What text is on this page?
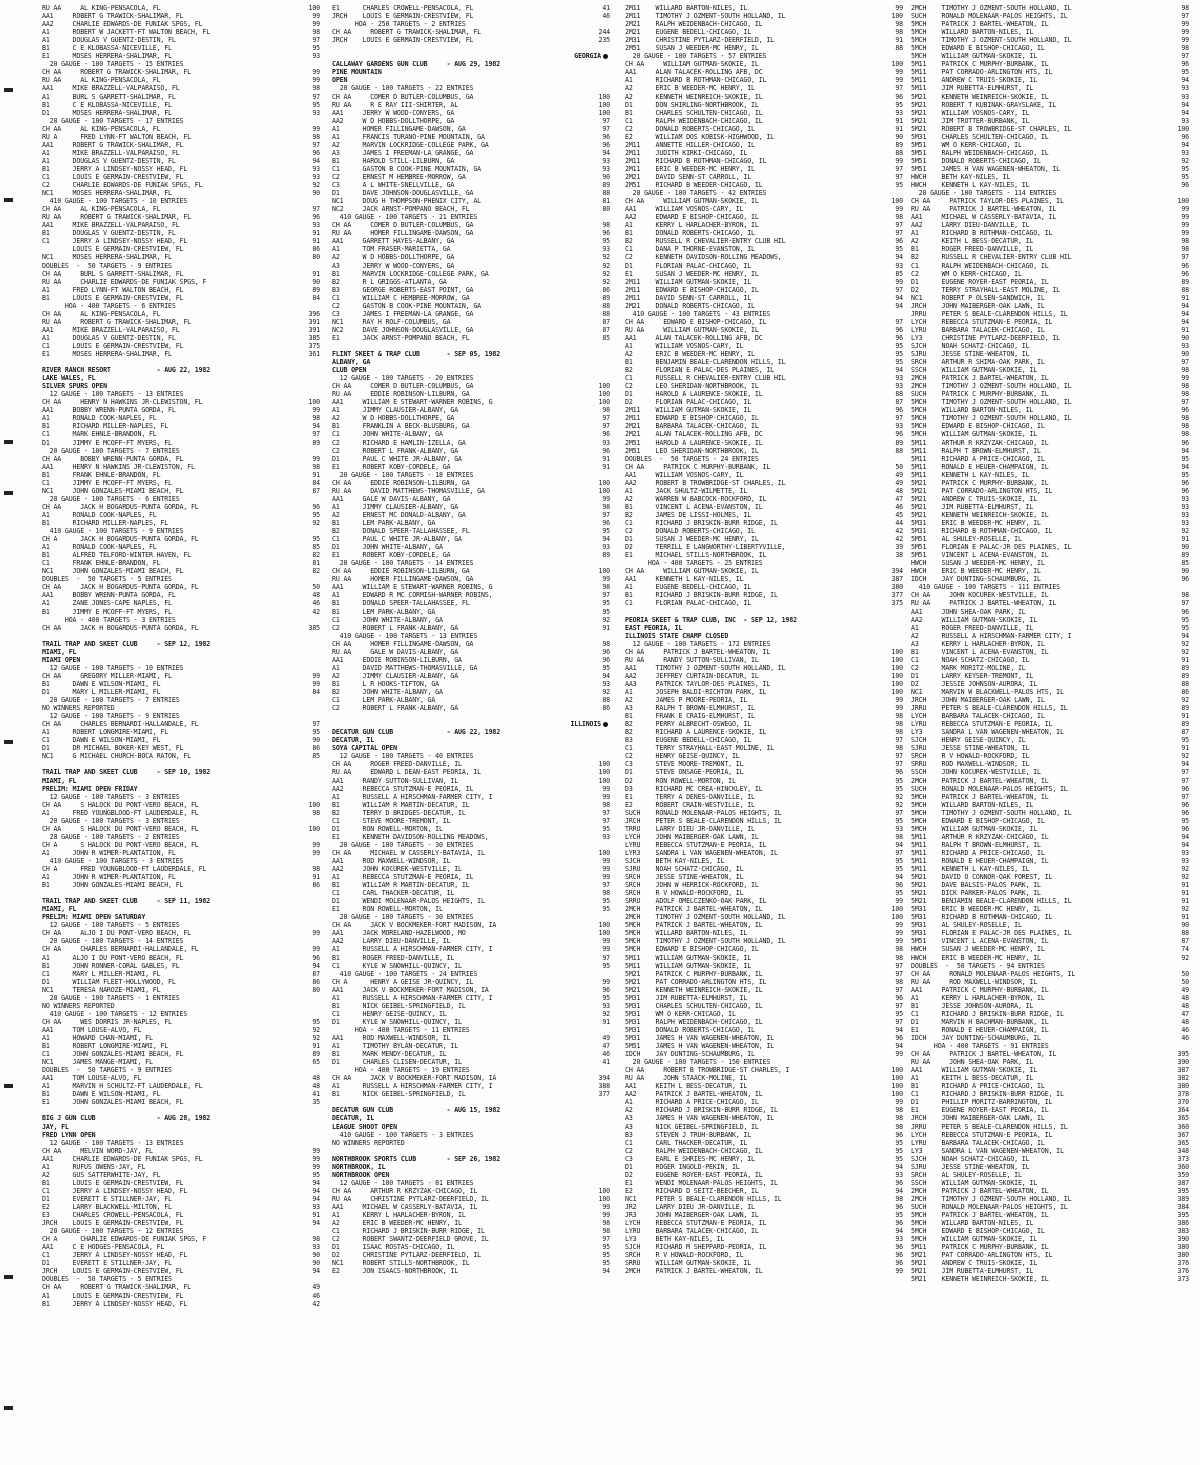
RU AA     AL KING-PENSACOLA, FL	100
AA1     ROBERT G TRAWICK-SHALIMAR, FL	99
AA2     CHARLIE EDWARDS-DE FUNIAK SPGS, FL	99
A1      ROBERT W JACKETT-FT WALTON BEACH, FL	98
A1      DOUGLAS V GUENTZ-DESTIN, FL	97
B1      C E KLOBASSA-NICEVILLE, FL	95
E1      MOSES HERRERA-SHALIMAR, FL	93
20 GAUGE - 100 TARGETS - 15 ENTRIES
CH AA     ROBERT G TRAWICK-SHALIMAR, FL	99
RU AA     AL KING-PENSACOLA, FL	99
AA1     MIKE BRAZZELL-VALPARAISO, FL	98
A1      BURL S GARRETT-SHALIMAR, FL	97
B1      C E KLOBASSA-NICEVILLE, FL	95
D1      MOSES HERRERA-SHALIMAR, FL	93
28 GAUGE - 100 TARGETS - 17 ENTRIES
CH AA     AL KING-PENSACOLA, FL	99
RU A      FRED LYNN-FT WALTON BEACH, FL	98
AA1     ROBERT G TRAWICK-SHALIMAR, FL	97
A1      MIKE BRAZZELL-VALPARAISO, FL	96
A1      DOUGLAS V GUENTZ-DESTIN, FL	94
B1      JERRY A LINDSEY-NOSSY HEAD, FL	93
C1      LOUIS E GERMAIN-CRESTVIEW, FL	93
C2      CHARLIE EDWARDS-DE FUNIAK SPGS, FL	92
NC1     MOSES HERRERA-SHALIMAR, FL	90
410 GAUGE - 100 TARGETS - 10 ENTRIES
CH AA     AL KING-PENSACOLA, FL	97
RU AA     ROBERT G TRAWICK-SHALIMAR, FL	96
AA1     MIKE BRAZZELL-VALPARAISO, FL	93
B1      DOUGLAS V GUENTZ-DESTIN, FL	91
C1      JERRY A LINDSEY-NOSSY HEAD, FL	91
LOUIS E GERMAIN-CRESTVIEW, FL	86
NC1     MOSES HERRERA-SHALIMAR, FL	80
DOUBLES  -  50 TARGETS - 9 ENTRIES
CH AA     BURL S GARRETT-SHALIMAR, FL	91
RU AA     CHARLIE EDWARDS-DE FUNIAK SPGS, F	90
A1      FRED LYNN-FT WALTON BEACH, FL	89
B1      LOUIS E GERMAIN-CRESTVIEW, FL	84
HOA - 400 TARGETS - 6 ENTRIES
CH AA     AL KING-PENSACOLA, FL	396
RU AA     ROBERT G TRAWICK-SHALIMAR, FL	391
AA1     MIKE BRAZZELL-VALPARAISO, FL	391
A1      DOUGLAS V GUENTZ-DESTIN, FL	385
C1      LOUIS E GERMAIN-CRESTVIEW, FL	375
E1      MOSES HERRERA-SHALIMAR, FL	361
RIVER RANCH RESORT            - AUG 22, 1982
LAKE WALES, FL
SILVER SPURS OPEN
12 GAUGE - 100 TARGETS - 13 ENTRIES
CH AA     HENRY N HAWKINS JR-CLEWISTON, FL	100
AA1     BOBBY WRENN-PUNTA GORDA, FL	99
A1      RONALD COOK-NAPLES, FL	98
B1      RICHARD MILLER-NAPLES, FL	94
C1      MARK EHNLE-BRANDON, FL	97
D1      JIMMY E MCOFF-FT MYERS, FL	89
20 GAUGE - 100 TARGETS - 7 ENTRIES
CH AA     BOBBY WRENN-PUNTA GORDA, FL	99
AA1     HENRY N HAWKINS JR-CLEWISTON, FL	98
B1      FRANK EHNLE-BRANDON, FL	91
C1      JIMMY E MCOFF-FT MYERS, FL	84
NC1     JOHN GONZALES-MIAMI BEACH, FL	87
28 GAUGE - 100 TARGETS - 6 ENTRIES
CH AA     JACK H BOGARDUS-PUNTA GORDA, FL	96
A1      RONALD COOK-NAPLES, FL	95
B1      RICHARD MILLER-NAPLES, FL	92
410 GAUGE - 100 TARGETS - 9 ENTRIES
CH A      JACK H BOGARDUS-PUNTA GORDA, FL	95
A1      RONALD COOK-NAPLES, FL	85
B1      ALFRED TELFORD-WINTER HAVEN, FL	82
C1      FRANK EHNLE-BRANDON, FL	81
NC1     JOHN GONZALES-MIAMI BEACH, FL	82
DOUBLES  -  50 TARGETS - 5 ENTRIES
CH AA     JACK H BOGARDUS-PUNTA GORDA, FL	50
AA1     BOBBY WRENN-PUNTA GORDA, FL	48
A1      ZANE JONES-CAPE NAPLES, FL	46
B1      JIMMY E MCOFF-FT MYERS, FL	42
HOA - 400 TARGETS - 3 ENTRIES
CH AA     JACK H BOGARDUS-PUNTA GORDA, FL	385
TRAIL TRAP AND SKEET CLUB     - SEP 12, 1982
MIAMI, FL
MIAMI OPEN
12 GAUGE - 100 TARGETS - 10 ENTRIES
CH AA     GREGORY MILLER-MIAMI, FL	99
B1      DAWN E WILSON-MIAMI, FL	99
D1      MARY L MILLER-MIAMI, FL	84
20 GAUGE - 100 TARGETS - 7 ENTRIES
NO WINNERS REPORTED
12 GAUGE - 100 TARGETS - 9 ENTRIES
CH AA     CHARLES BERNARDI-HALLANDALE, FL	97
A1      ROBERT LONGMIRE-MIAMI, FL	95
C1      DAWN E WILSON-MIAMI, FL	90
D1      DR MICHAEL BOKER-KEY WEST, FL	86
NC1     G MICHAEL CHURCH-BOCA RATON, FL	85
TRAIL TRAP AND SKEET CLUB     - SEP 10, 1982
MIAMI, FL
PRELIM: MIAMI OPEN FRIDAY
12 GAUGE - 100 TARGETS - 3 ENTRIES
CH AA     S HALOCK DU PONT-VERO BEACH, FL	100
A1      FRED YOUNGBLOOD-FT LAUDERDALE, FL	98
20 GAUGE - 100 TARGETS - 3 ENTRIES
CH AA     S HALOCK DU PONT-VERO BEACH, FL	100
28 GAUGE - 100 TARGETS - 2 ENTRIES
CH A      S HALOCK DU PONT-VERO BEACH, FL	99
A1      JOHN R WIMER-PLANTATION, FL	99
410 GAUGE - 100 TARGETS - 3 ENTRIES
CH A      FRED YOUNGBLOOD-FT LAUDERDALE, FL	98
A1      JOHN R WIMER-PLANTATION, FL	91
B1      JOHN GONZALES-MIAMI BEACH, FL	86
TRAIL TRAP AND SKEET CLUB     - SEP 11, 1982
MIAMI, FL
PRELIM: MIAMI OPEN SATURDAY
12 GAUGE - 100 TARGETS - 5 ENTRIES
CH AA     ALJO I DU PONT-VERO BEACH, FL	99
20 GAUGE - 100 TARGETS - 14 ENTRIES
CH AA     CHARLES BERNARDI-HALLANDALE, FL	99
A1      ALJO I DU PONT-VERO BEACH, FL	96
B1      JOHN RONNER-CORAL GABLES, FL	94
C1      MARY L MILLER-MIAMI, FL	87
D1      WILLIAM FLEET-HOLLYWOOD, FL	86
NC1     TERESA NAROZE-MIAMI, FL	80
28 GAUGE - 100 TARGETS - 1 ENTRIES
NO WINNERS REPORTED
410 GAUGE - 100 TARGETS - 12 ENTRIES
CH AA     WES DORRIS JR-NAPLES, FL	95
AA1     TOM LOUSE-ALVO, FL	92
A1      HOWARD CHAN-MIAMI, FL	92
B1      ROBERT LONGMIRE-MIAMI, FL	91
C1      JOHN GONZALES-MIAMI BEACH, FL	89
NC1     JAMES MANGE-MIAMI, FL	65
DOUBLES  -  50 TARGETS - 9 ENTRIES
AA1     TOM LOUSE-ALVO, FL	48
A1      MARVIN H SCHULTZ-FT LAUDERDALE, FL	48
B1      DAWN E WILSON-MIAMI, FL	41
E1      JOHN GONZALES-MIAMI BEACH, FL	35
BIG J GUN CLUB                - AUG 28, 1982
JAY, FL
FRED LYNN OPEN
12 GAUGE - 100 TARGETS - 13 ENTRIES
CH AA     MELVIN WORD-JAY, FL	99
AA1     CHARLIE EDWARDS-DE FUNIAK SPGS, FL	99
A1      RUFUS OWENS-JAY, FL	99
A2      GUS SATTERWHITE-JAY, FL	95
B1      LOUIS E GERMAIN-CRESTVIEW, FL	94
C1      JERRY A LINDSEY-NOSSY HEAD, FL	94
D1      EVERETT E STILLNER-JAY, FL	94
E2      LARRY BLACKWELL-MILTON, FL	93
E3      CHARLES CROWELL-PENSACOLA, FL	91
JRCH    LOUIS E GERMAIN-CRESTVIEW, FL	94
20 GAUGE - 100 TARGETS - 12 ENTRIES
CH A      CHARLIE EDWARDS-DE FUNIAK SPGS, F	98
AA1     C E HODGES-PENSACOLA, FL	93
C1      JERRY A LINDSEY-NOSSY HEAD, FL	90
D1      EVERETT E STILLNER-JAY, FL	90
JRCH    LOUIS E GERMAIN-CRESTVIEW, FL	94
DOUBLES  -  50 TARGETS - 5 ENTRIES
CH AA     ROBERT G TRAWICK-SHALIMAR, FL	49
A1      LOUIS E GERMAIN-CRESTVIEW, FL	46
B1      JERRY A LINDSEY-NOSSY HEAD, FL	42
E1      CHARLES CROWELL-PENSACOLA, FL	41
JRCH    LOUIS E GERMAIN-CRESTVIEW, FL	46
HOA - 250 TARGETS - 2 ENTRIES
CH AA     ROBERT G TRAWICK-SHALIMAR, FL	244
JRCH    LOUIS E GERMAIN-CRESTVIEW, FL	235
GEORGIA
CALLAWAY GARDENS GUN CLUB     - AUG 29, 1982
PINE MOUNTAIN
OPEN
20 GAUGE - 100 TARGETS - 22 ENTRIES
CH AA     COMER D BUTLER-COLUMBUS, GA	100
RU AA     R E RAY III-SHIRTER, AL	100
AA1     JERRY W WOOD-CONYERS, GA	100
AA2     W D HOBBS-DOLLTHORPE, GA	97
A1      HOMER FILLINGAME-DAWSON, GA	97
A1      FRANCIS TURANO-PINE MOUNTAIN, GA	96
A2      MARVIN LOCKRIDGE-COLLEGE PARK, GA	96
A3      JAMES I FREEMAN-LA GRANGE, GA	94
B1      HAROLD STILL-LILBURN, GA	93
C1      GASTON B COOK-PINE MOUNTAIN, GA	93
C2      ERNEST M HEMBREE-MORROW, GA	90
C3      A L WHITE-SNELLVILLE, GA	89
D1      DAVE JOHNSON-DOUGLASVILLE, GA	88
NC1     DOUG H THOMPSON-PHENIX CITY, AL	81
NC2     JACK ARNST-POMPANO BEACH, FL	80
410 GAUGE - 100 TARGETS - 21 ENTRIES
CH AA     COMER D BUTLER-COLUMBUS, GA	98
RU AA     HOMER FILLINGAME-DAWSON, GA	96
AA1     GARRETT HAYES-ALBANY, GA	95
A1      TOM FRASER-MARIETTA, GA	93
A2      W D HOBBS-DOLLTHORPE, GA	92
A3      JERRY W WOOD-CONYERS, GA	92
B1      MARVIN LOCKRIDGE-COLLEGE PARK, GA	92
B2      R L GRIGGS-ATLANTA, GA	92
B3      GEORGE ROBERTS-EAST POINT, GA	86
C1      WILLIAM C HEMBREE-MORROW, GA	89
C2      GASTON B COOK-PINE MOUNTAIN, GA	88
C3      JAMES I FREEMAN-LA GRANGE, GA	88
NC1     RAY H ROLF-COLUMBUS, GA	87
NC2     DAVE JOHNSON-DOUGLASVILLE, GA	87
E1      JACK ARNST-POMPANO BEACH, FL	85
FLINT SKEET & TRAP CLUB       - SEP 05, 1982
ALBANY, GA
CLUB OPEN
12 GAUGE - 100 TARGETS - 20 ENTRIES
CH AA     COMER D BUTLER-COLUMBUS, GA	100
RU AA     EDDIE ROBINSON-LILBURN, GA	100
AA1     WILLIAM E STEWART-WARNER ROBINS, G	100
A1      JIMMY CLAUSIER-ALBANY, GA	98
A2      W D HOBBS-DOLLTHORPE, GA	97
B1      FRANKLIN A BECK-BLUSBURG, GA	97
C1      JOHN WHITE-ALBANY, GA	96
C2      RICHARD E HAMLIN-IZELLA, GA	93
C2      ROBERT L FRANK-ALBANY, GA	96
D1      PAUL C WHITE JR-ALBANY, GA	91
E1      ROBERT KOBY-CORDELE, GA	91
20 GAUGE - 100 TARGETS - 18 ENTRIES
CH AA     EDDIE ROBINSON-LILBURN, GA	100
RU AA     DAVID MATTHEWS-THOMASVILLE, GA	100
AA1     GALE W DAVIS-ALBANY, GA	99
A1      JIMMY CLAUSIER-ALBANY, GA	98
A2      ERNEST MC DONALD-ALBANY, GA	97
B1      LEM PARK-ALBANY, GA	96
B2      DONALD SPEER-TALLAHASSEE, FL	95
C1      PAUL C WHITE JR-ALBANY, GA	94
D1      JOHN WHITE-ALBANY, GA	93
E1      ROBERT KOBY-CORDELE, GA	89
28 GAUGE - 100 TARGETS - 14 ENTRIES
CH AA     EDDIE ROBINSON-LILBURN, GA	100
RU AA     HOMER FILLINGAME-DAWSON, GA	99
AA1     WILLIAM E STEWART-WARNER ROBINS, G	98
A1      EDWARD R MC CORMISH-WARNER ROBINS,	97
B1      DONALD SPEER-TALLAHASSEE, FL	95
B1      LEM PARK-ALBANY, GA	95
C1      JOHN WHITE-ALBANY, GA	92
C2      ROBERT L FRANK-ALBANY, GA	91
410 GAUGE - 100 TARGETS - 13 ENTRIES
CH AA     HOMER FILLINGAME-DAWSON, GA	98
RU AA     GALE W DAVIS-ALBANY, GA	96
AA1     EDDIE ROBINSON-LILBURN, GA	96
A1      DAVID MATTHEWS-THOMASVILLE, GA	95
A2      JIMMY CLAUSIER-ALBANY, GA	94
B1      L R HOOKS-TIFTON, GA	93
B2      JOHN WHITE-ALBANY, GA	92
C1      LEM PARK-ALBANY, GA	88
C2      ROBERT L FRANK-ALBANY, GA	86
ILLINOIS
DECATUR GUN CLUB              - AUG 22, 1982
DECATUR, IL
SOYA CAPITAL OPEN
12 GAUGE - 100 TARGETS - 40 ENTRIES
CH AA     ROGER FREED-DANVILLE, IL	100
RU AA     EDWARD L DEAN-EAST PEORIA, IL	100
AA1     RANDY SUTTON-SULLIVAN, IL	100
AA2     REBECCA STUTZMAN-E PEORIA, IL	99
A1      RUSSELL A HIRSCHMAN-FARMER CITY, I	99
B1      WILLIAM R MARTIN-DECATUR, IL	98
B2      TERRY D BRIDGES-DECATUR, IL	97
C1      STEVE MOORE-TREMONT, IL	97
D1      RON ROWELL-MORTON, IL	95
E1      KENNETH DAVIDSON-ROLLING MEADOWS,	93
20 GAUGE - 100 TARGETS - 30 ENTRIES
CH AA     MICHAEL W CASSERLY-BATAVIA, IL	100
AA1     ROD MAXWELL-WINDSOR, IL	99
AA2     JOHN KOCUREK-WESTVILLE, IL	99
A1      REBECCA STUTZMAN-E PEORIA, IL	99
B1      WILLIAM R MARTIN-DECATUR, IL	97
C1      CARL THACKER-DECATUR, IL	98
D1      WENDI MOLENAAR-PALOS HEIGHTS, IL	95
E1      RON ROWELL-MORTON, IL	95
28 GAUGE - 100 TARGETS - 30 ENTRIES
CH AA     JACK V BOCKMEKER-FORT MADISON, IA	100
AA1     JACK MORELAND-HAZELWOOD, MO	100
AA2     LARRY DIEU-DANVILLE, IL	99
A1      RUSSELL A HIRSCHMAN-FARMER CITY, I	99
B1      ROGER FREED-DANVILLE, IL	97
C1      KYLE W SNOWHILL-QUINCY, IL	95
410 GAUGE - 100 TARGETS - 24 ENTRIES
CH A      HENRY A GEISE JR-QUINCY, IL	99
AA1     JACK V BOCKMEKER-FORT MADISON, IA	96
A1      RUSSELL A HIRSCHMAN-FARMER CITY, I	95
B1      NICK GEIBEL-SPRINGFIELD, IL	93
C1      HENRY GEISE-QUINCY, IL	92
D1      KYLE W SNOWHILL-QUINCY, IL	91
HOA - 400 TARGETS - 11 ENTRIES
AA1     ROD MAXWELL-WINDSOR, IL	49
A1      TIMOTHY BYLAN-DECATUR, IL	47
B1      MARK MENDY-DECATUR, IL	46
D1      CHARLES CLISEN-DECATUR, IL	41
HOA - 400 TARGETS - 19 ENTRIES
CH AA     JACK V BOCKMEKER-FORT MADISON, IA	394
A1      RUSSELL A HIRSCHMAN-FARMER CITY, I	388
B1      NICK GEIBEL-SPRINGFIELD, IL	377
DECATUR GUN CLUB              - AUG 15, 1982
DECATUR, IL
LEAGUE SHOOT OPEN
410 GAUGE - 100 TARGETS - 3 ENTRIES
NO WINNERS REPORTED
NORTHBROOK SPORTS CLUB        - SEP 26, 1982
NORTHBROOK, IL
NORTHBROOK OPEN
12 GAUGE - 100 TARGETS - 81 ENTRIES
CH AA     ARTHUR R KRZYZAK-CHICAGO, IL	100
RU AA     CHRISTINE PYTLARZ-DEERFIELD, IL	100
AA1     MICHAEL W CASSERLY-BATAVIA, IL	99
A1      KERRY L HARLACHER-BYRON, IL	99
A2      ERIC B WEEDER-MC HENRY, IL	98
C1      RICHARD J BRISKIN-BURR RIDGE, IL	98
C2      ROBERT SWANTZ-DEERFIELD GROVE, IL	97
D1      ISAAC ROSTAS-CHICAGO, IL	95
D2      CHRISTINE PYTLARZ-DEERFIELD, IL	95
NC1     ROBERT STILLS-NORTHBROOK, IL	95
E2      JON ISAACS-NORTHBROOK, IL	94
2M11    WILLARD BARTON-NILES, IL	99
2M11    TIMOTHY J OZMENT-SOUTH HOLLAND, IL	100
2M21    RALPH WEIDENBACH-CHICAGO, IL	98
2M21    EUGENE BEDELL-CHICAGO, IL	98
2M31    CHRISTINE PYTLARZ-DEERFIELD, IL	91
2M51    SUSAN J WEEDER-MC HENRY, IL	88
20 GAUGE - 100 TARGETS - 57 ENTRIES
CH AA     WILLIAM GUTMAN-SKOKIE, IL	100
AA1     ALAN TALACEK-ROLLING AFB, DC	99
A1      RICHARD B ROTHMAN-CHICAGO, IL	99
A2      ERIC B WEEDER-MC HENRY, IL	97
A2      KENNETH WEINREICH-SKOKIE, IL	96
D1      DON SHIRLING-NORTHBROOK, IL	95
B1      CHARLES SCHULTEN-CHICAGO, IL	93
C1      RALPH WEIDENBACH-CHICAGO, IL	91
C2      DONALD ROBERTS-CHICAGO, IL	91
E2      WILLIAM DOS KOBISK-HIGHWOOD, IL	90
2M11    ANNETTE HILLER-CHICAGO, IL	89
2M11    JUDITH KIRKI-CHICAGO, IL	88
2M11    RICHARD B ROTHMAN-CHICAGO, IL	99
2M11    ERIC B WEEDER-MC HENRY, IL	97
2M21    DAVID SENN-ST CARROLL, IL	97
2M51    RICHARD B WEEDER-CHICAGO, IL	95
28 GAUGE - 100 TARGETS - 42 ENTRIES
CH AA     WILLIAM GUTMAN-SKOKIE, IL	100
AA1     WILLIAM VOSNOS-CARY, IL	99
AA2     EDWARD E BISHOP-CHICAGO, IL	98
A1      KERRY L HARLACHER-BYRON, IL	97
B1      DONALD ROBERTS-CHICAGO, IL	97
B2      RUSSELL R CHEVALIER-ENTRY CLUB HIL	96
C1      DANA P THORNE-EVANSTON, IL	95
C2      KENNETH DAVIDSON-ROLLING MEADOWS,	94
D1      FLORIAN PALAC-CHICAGO, IL	93
E1      SUSAN J WEEDER-MC HENRY, IL	85
2M11    WILLIAM GUTMAN-SKOKIE, IL	99
2M11    EDWARD E BISHOP-CHICAGO, IL	97
2M11    DAVID SENN-ST CARROLL, IL	94
2M21    DONALD ROBERTS-CHICAGO, IL	94
410 GAUGE - 100 TARGETS - 43 ENTRIES
CH AA     EDWARD E BISHOP-CHICAGO, IL	97
RU AA     WILLIAM GUTMAN-SKOKIE, IL	96
AA1     ALAN TALACEK-ROLLING AFB, DC	96
A1      WILLIAM VOSNOS-CARY, IL	95
A2      ERIC B WEEDER-MC HENRY, IL	95
B1      BENJAMIN BEALE-CLARENDON HILLS, IL	95
B2      FLORIAN E PALAC-DES PLAINES, IL	94
C1      RUSSELL R CHEVALIER-ENTRY CLUB HIL	93
C2      LEO SHERIDAN-NORTHBROOK, IL	93
D1      HAROLD A LAURENCE-SKOKIE, IL	88
D2      FLORIAN PALAC-CHICAGO, IL	87
2M11    WILLIAM GUTMAN-SKOKIE, IL	96
2M11    EDWARD E BISHOP-CHICAGO, IL	97
2M21    BARBARA TALACEK-CHICAGO, IL	93
2M21    ALAN TALACEK-ROLLING AFB, DC	96
2M51    HAROLD A LAURENCE-SKOKIE, IL	89
2M51    LEO SHERIDAN-NORTHBROOK, IL	88
DOUBLES  -  50 TARGETS - 24 ENTRIES
CH AA     PATRICK C MURPHY-BURBANK, IL	50
AA1     WILLIAM VOSNOS-CARY, IL	49
AA2     ROBERT B TROWBRIDGE-ST CHARLES, IL	49
A1      JACK SHULTZ-WILMETTE, IL	48
A2      WARREN W BABCOCK-ROCKFORD, IL	47
B1      VINCENT L ACENA-EVANSTON, IL	46
B2      JAMES DE LISSI-HOLMES, IL	45
C1      RICHARD J BRISKIN-BURR RIDGE, IL	44
C2      DONALD ROBERTS-CHICAGO, IL	42
D1      SUSAN J WEEDER-MC HENRY, IL	42
D2      TERRILL E LANGWORTHY-LIBERTYVILLE,	39
E1      MICHAEL STILLS-NORTHBROOK, IL	38
HOA - 400 TARGETS - 25 ENTRIES
CH AA     WILLIAM GUTMAN-SKOKIE, IL	394
AA1     KENNETH L KAY-NILES, IL	387
A1      EUGENE BEDELL-CHICAGO, IL	380
B1      RICHARD J BRISKIN-BURR RIDGE, IL	377
C1      FLORIAN PALAC-CHICAGO, IL	375
PEORIA SKEET & TRAP CLUB, INC  - SEP 12, 1982
EAST PEORIA, IL
ILLINOIS STATE CHAMP CLOSED
12 GAUGE - 100 TARGETS - 172 ENTRIES
CH AA     PATRICK J BARTEL-WHEATON, IL	100
RU AA     RANDY SUTTON-SULLIVAN, IL	100
AA1     TIMOTHY J OZMENT-SOUTH HOLLAND, IL	100
AA2     JEFFREY CURTAIN-DECATUR, IL	100
AA3     PATRICK TAYLOR-DES PLAINES, IL	100
A1      JOSEPH BALDI-RICHTON PARK, IL	100
A2      JAMES P MOORE-PEORIA, IL	99
A3      RALPH T BROWN-ELMHURST, IL	99
B1      FRANK E CRAIG-ELMHURST, IL	98
B2      PERRY ALBRECHT-OSWEGO, IL	98
B2      RICHARD A LAURENCE-SKOKIE, IL	98
B3      EUGENE BEDELL-CHICAGO, IL	97
C1      TERRY STRAYHALL-EAST MOLINE, IL	98
C2      HENRY GEISE-QUINCY, IL	97
C3      STEVE MOORE-TREMONT, IL	97
D1      STEVE ONSAGE-PEORIA, IL	96
D2      RON ROWELL-MORTON, IL	95
D3      RICHARD MC CREA-HINCKLEY, IL	95
E1      TERRY A DENES-DANVILLE, IL	92
E2      ROBERT CRAIN-WESTVILLE, IL	92
SUCH    RONALD MOLENAAR-PALOS HEIGHTS, IL	97
JRCH    PETER S BEALE-CLARENDON HILLS, IL	95
TRRU    LARRY DIEU JR-DANVILLE, IL	93
LYCH    JOHN MAIBERGER-OAK LAWN, IL	98
LYRU    REBECCA STUTZMAN-E PEORIA, IL	94
LYR3    SANDRA L VAN WAGENEN-WHEATON, IL	97
SJCH    BETH KAY-NILES, IL	95
SJRU    NOAH SCHATZ-CHICAGO, IL	95
SRCH    JESSE STINE-WHEATON, IL	94
SRCH    JOHN W HERRICK-ROCKFORD, IL	96
SRCH    R V HOWALD-ROCKFORD, IL	95
SRRU    ADOLF OMELCZENKO-OAK PARK, IL	99
2MCH    PATRICK J BARTEL-WHEATON, IL	100
2MCH    TIMOTHY J OZMENT-SOUTH HOLLAND, IL	100
5MCH    PATRICK J BARTEL-WHEATON, IL	99
5MCH    WILLARD BARTON-NILES, IL	99
5MCH    TIMOTHY J OZMENT-SOUTH HOLLAND, IL	99
5MCH    EDWARD E BISHOP-CHICAGO, IL	98
5M11    WILLIAM GUTMAN-SKOKIE, IL	98
5M11    WILLIAM GUTMAN-SKOKIE, IL	97
5M21    PATRICK C MURPHY-BURBANK, IL	97
5M21    PAT CORRADO-ARLINGTON HTS, IL	98
5M21    KENNETH WEINREICH-SKOKIE, IL	97
5M31    JIM RUBETTA-ELMHURST, IL	96
5M31    CHARLES SCHULTEN-CHICAGO, IL	97
5M31    WM O KERR-CHICAGO, IL	95
5M31    RALPH WEIDENBACH-CHICAGO, IL	97
5M31    DONALD ROBERTS-CHICAGO, IL	94
5M31    JAMES H VAN WAGENEN-WHEATON, IL	96
5M51    JAMES H VAN WAGENEN-WHEATON, IL	94
IDCH    JAY DUNTING-SCHAUMBURG, IL	99
20 GAUGE - 100 TARGETS - 150 ENTRIES
CH AA     ROBERT B TROWBRIDGE-ST CHARLES, I	100
RU AA     JOHN STAACK-MOLINE, IL	100
AA1     KEITH L BESS-DECATUR, IL	100
AA2     PATRICK J BARTEL-WHEATON, IL	100
A1      RICHARD A PRICE-CHICAGO, IL	99
A2      RICHARD J BRISKIN-BURR RIDGE, IL	98
A3      JAMES H VAN WAGENEN-WHEATON, IL	98
A3      NICK GEIBEL-SPRINGFIELD, IL	98
B3      STEVEN J TRUH-BURBANK, IL	96
C1      CARL THACKER-DECATUR, IL	95
C2      RALPH WEIDENBACH-CHICAGO, IL	95
C3      EARL E SHRIES-MC HENRY, IL	95
D1      ROGER INGOLD-PEKIN, IL	94
D2      EUGENE ROYER-EAST PEORIA, IL	93
E1      WENDI MOLENAAR-PALOS HEIGHTS, IL	96
E2      RICHARD D SEITZ-BEECHER, IL	94
NC1     PETER S BEALE-CLARENDON HILLS, IL	98
JR2     LARRY DIEU JR-DANVILLE, IL	96
JR3     JOHN MAIBERGER-OAK LAWN, IL	95
LYCH    REBECCA STUTZMAN-E PEORIA, IL	96
LYRU    BARBARA TALACEK-CHICAGO, IL	94
LY3     BETH KAY-NILES, IL	93
SJCH    RICHARD M SHEPPARD-PEORIA, IL	96
SRCH    R V HOWALD-ROCKFORD, IL	96
SRRU    WILLIAM GUTMAN-SKOKIE, IL	96
2MCH    PATRICK J BARTEL-WHEATON, IL	99
2MCH    TIMOTHY J OZMENT-SOUTH HOLLAND, IL	98
SUCH    RONALD MOLENAAR-PALOS HEIGHTS, IL	97
5MCH    PATRICK J BARTEL-WHEATON, IL	99
5MCH    WILLARD BARTON-NILES, IL	99
5MCH    TIMOTHY J OZMENT-SOUTH HOLLAND, IL	99
5MCH    EDWARD E BISHOP-CHICAGO, IL	98
5MCH    WILLIAM GUTMAN-SKOKIE, IL	97
5M11    PATRICK C MURPHY-BURBANK, IL	96
5M11    PAT CORRADO-ARLINGTON HTS, IL	95
5M11    ANDREW C TRUIS-SKOKIE, IL	94
5M11    JIM RUBETTA-ELMHURST, IL	93
5M21    KENNETH WEINREICH-SKOKIE, IL	93
5M21    ROBERT T KUBINAK-GRAYSLAKE, IL	94
5M21    WILLIAM VOSNOS-CARY, IL	94
5M21    JIM TROTTER-BURBANK, IL	93
5M21    ROBERT B TROWBRIDGE-ST CHARLES, IL	100
5M31    CHARLES SCHULTEN-CHICAGO, IL	96
5M51    WM O KERR-CHICAGO, IL	94
5M51    RALPH WEIDENBACH-CHICAGO, IL	93
5M51    DONALD ROBERTS-CHICAGO, IL	92
5M51    JAMES H VAN WAGENEN-WHEATON, IL	95
HWCH    BETH KAY-NILES, IL	95
HWCH    KENNETH L KAY-NILES, IL	96
28 GAUGE - 100 TARGETS - 114 ENTRIES
CH AA     PATRICK TAYLOR-DES PLAINES, IL	100
RU AA     PATRICK J BARTEL-WHEATON, IL	99
AA1     MICHAEL W CASSERLY-BATAVIA, IL	99
AA2     LARRY DIEU-DANVILLE, IL	99
A1      RICHARD B ROTHMAN-CHICAGO, IL	99
A2      KEITH L BESS-DECATUR, IL	98
B1      ROGER FREED-DANVILLE, IL	98
B2      RUSSELL R CHEVALIER-ENTRY CLUB HIL	97
C1      RALPH WEIDENBACH-CHICAGO, IL	96
C2      WM O KERR-CHICAGO, IL	96
D1      EUGENE ROYER-EAST PEORIA, IL	89
D2      TERRY STRAYHALL-EAST MOLINE, IL	88
NC1     ROBERT P OLSEN-SANDWICH, IL	91
JRCH    JOHN MAIBERGER-OAK LAWN, IL	94
JRRU    PETER S BEALE-CLARENDON HILLS, IL	94
LYCH    REBECCA STUTZMAN-E PEORIA, IL	94
LYRU    BARBARA TALACEK-CHICAGO, IL	91
LY3     CHRISTINE PYTLARZ-DEERFIELD, IL	90
SJCH    NOAH SCHATZ-CHICAGO, IL	93
SJRU    JESSE STINE-WHEATON, IL	90
SRCH    ARTHUR R SHIMA-OAK PARK, IL	97
SSCH    WILLIAM GUTMAN-SKOKIE, IL	98
2MCH    PATRICK J BARTEL-WHEATON, IL	99
2MCH    TIMOTHY J OZMENT-SOUTH HOLLAND, IL	98
SUCH    PATRICK C MURPHY-BURBANK, IL	98
5MCH    TIMOTHY J OZMENT-SOUTH HOLLAND, IL	97
5MCH    WILLARD BARTON-NILES, IL	96
5MCH    TIMOTHY J OZMENT-SOUTH HOLLAND, IL	98
5MCH    EDWARD E BISHOP-CHICAGO, IL	98
5MCH    WILLIAM GUTMAN-SKOKIE, IL	98
5M11    ARTHUR R KRZYZAK-CHICAGO, IL	96
5M11    RALPH T BROWN-ELMHURST, IL	94
5M11    RICHARD A PRICE-CHICAGO, IL	95
5M11    RONALD E HEUER-CHAMPAIGN, IL	94
5M11    KENNETH L KAY-NILES, IL	95
5M21    PATRICK C MURPHY-BURBANK, IL	96
5M21    PAT CORRADO-ARLINGTON HTS, IL	96
5M21    ANDREW C TRUIS-SKOKIE, IL	93
5M21    JIM RUBETTA-ELMHURST, IL	93
5M21    KENNETH WEINREICH-SKOKIE, IL	93
5M31    ERIC B WEEDER-MC HENRY, IL	93
5M31    RICHARD B ROTHMAN-CHICAGO, IL	92
5M51    AL SHULEY-ROSELLE, IL	91
5M51    FLORIAN E PALAC-JR DES PLAINES, IL	90
5M51    VINCENT L ACENA-EVANSTON, IL	89
HWCH    SUSAN J WEEDER-MC HENRY, IL	85
HWCH    ERIC B WEEDER-MC HENRY, IL	90
IDCH    JAY DUNTING-SCHAUMBURG, IL	96
410 GAUGE - 100 TARGETS - 111 ENTRIES
CH AA     JOHN KOCUREK-WESTVILLE, IL	98
RU AA     PATRICK J BARTEL-WHEATON, IL	97
AA1     JOHN SHEA-OAK PARK, IL	96
AA2     WILLIAM GUTMAN-SKOKIE, IL	95
A1      ROGER FREED-DANVILLE, IL	95
A2      RUSSELL A HIRSCHMAN-FARMER CITY, I	94
A3      KERRY L HARLACHER-BYRON, IL	92
B1      VINCENT L ACENA-EVANSTON, IL	92
C1      NOAH SCHATZ-CHICAGO, IL	91
C2      MARK MORITZ-MOLINE, IL	89
D1      LARRY KEYSER-TREMONT, IL	89
D2      JESSIE JOHNSON-AURORA, IL	88
NC1     MARVIN W BLACKWELL-PALOS HTS, IL	86
JRCH    JOHN MAIBERGER-OAK LAWN, IL	92
JRRU    PETER S BEALE-CLARENDON HILLS, IL	89
LYCH    BARBARA TALACEK-CHICAGO, IL	91
LYRU    REBECCA STUTZMAN-E PEORIA, IL	89
LY3     SANDRA L VAN WAGENEN-WHEATON, IL	87
SJCH    HENRY GEISE-QUINCY, IL	95
SJRU    JESSE STINE-WHEATON, IL	91
SRCH    R V HOWALD-ROCKFORD, IL	92
SRRU    ROD MAXWELL-WINDSOR, IL	94
SSCH    JOHN KOCUREK-WESTVILLE, IL	97
2MCH    PATRICK J BARTEL-WHEATON, IL	97
SUCH    RONALD MOLENAAR-PALOS HEIGHTS, IL	96
5MCH    PATRICK J BARTEL-WHEATON, IL	97
5MCH    WILLARD BARTON-NILES, IL	96
5MCH    TIMOTHY J OZMENT-SOUTH HOLLAND, IL	96
5MCH    EDWARD E BISHOP-CHICAGO, IL	95
5MCH    WILLIAM GUTMAN-SKOKIE, IL	96
5M11    ARTHUR R KRZYZAK-CHICAGO, IL	94
5M11    RALPH T BROWN-ELMHURST, IL	94
5M11    RICHARD A PRICE-CHICAGO, IL	93
5M11    RONALD E HEUER-CHAMPAIGN, IL	93
5M11    KENNETH L KAY-NILES, IL	92
5M21    DAVID O CONNOR-OAK FOREST, IL	92
5M21    DAVE BALSIS-PALOS PARK, IL	91
5M21    DICK PARKER-PALOS PARK, IL	91
5M21    BENJAMIN BEALE-CLARENDON HILLS, IL	91
5M31    ERIC B WEEDER-MC HENRY, IL	92
5M31    RICHARD B ROTHMAN-CHICAGO, IL	91
5M31    AL SHULEY-ROSELLE, IL	90
5M31    FLORIAN E PALAC-JR DES PLAINES, IL	88
5M51    VINCENT L ACENA-EVANSTON, IL	87
HWCH    SUSAN J WEEDER-MC HENRY, IL	74
HWCH    ERIC B WEEDER-MC HENRY, IL	92
DOUBLES  -  50 TARGETS - 94 ENTRIES
CH AA     RONALD MOLENAAR-PALOS HEIGHTS, IL	50
RU AA     ROD MAXWELL-WINDSOR, IL	50
AA1     PATRICK C MURPHY-BURBANK, IL	49
A1      KERRY L HARLACHER-BYRON, IL	48
B1      JESSE JOHNSON-AURORA, IL	48
C1      RICHARD J BRISKIN-BURR RIDGE, IL	47
D1      MARVIN H BACHMAN-BURBANK, IL	48
E1      RONALD E HEUER-CHAMPAIGN, IL	46
IDCH    JAY DUNTING-SCHAUMBURG, IL	46
HOA - 400 TARGETS - 91 ENTRIES
CH AA     PATRICK J BARTEL-WHEATON, IL	395
RU AA     JOHN SHEA-OAK PARK, IL	390
AA1     WILLIAM GUTMAN-SKOKIE, IL	387
A1      KEITH L BESS-DECATUR, IL	382
B1      RICHARD A PRICE-CHICAGO, IL	380
C1      RICHARD J BRISKIN-BURR RIDGE, IL	378
D1      PHILLIP MORITZ-BARRINGTON, IL	370
E1      EUGENE ROYER-EAST PEORIA, IL	364
JRCH    JOHN MAIBERGER-OAK LAWN, IL	365
JRRU    PETER S BEALE-CLARENDON HILLS, IL	360
LYCH    REBECCA STUTZMAN-E PEORIA, IL	367
LYRU    BARBARA TALACEK-CHICAGO, IL	365
LY3     SANDRA L VAN WAGENEN-WHEATON, IL	348
SJCH    NOAH SCHATZ-CHICAGO, IL	373
SJRU    JESSE STINE-WHEATON, IL	360
SRCH    AL SHULEY-ROSELLE, IL	359
SSCH    WILLIAM GUTMAN-SKOKIE, IL	387
2MCH    PATRICK J BARTEL-WHEATON, IL	395
2MCH    TIMOTHY J OZMENT-SOUTH HOLLAND, IL	389
SUCH    RONALD MOLENAAR-PALOS HEIGHTS, IL	384
5MCH    PATRICK J BARTEL-WHEATON, IL	395
5MCH    WILLARD BARTON-NILES, IL	386
5MCH    EDWARD E BISHOP-CHICAGO, IL	383
5MCH    WILLIAM GUTMAN-SKOKIE, IL	390
5M11    PATRICK C MURPHY-BURBANK, IL	380
5M21    PAT CORRADO-ARLINGTON HTS, IL	380
5M21    ANDREW C TRUIS-SKOKIE, IL	376
5M21    JIM RUBETTA-ELMHURST, IL	376
5M21    KENNETH WEINREICH-SKOKIE, IL	373
